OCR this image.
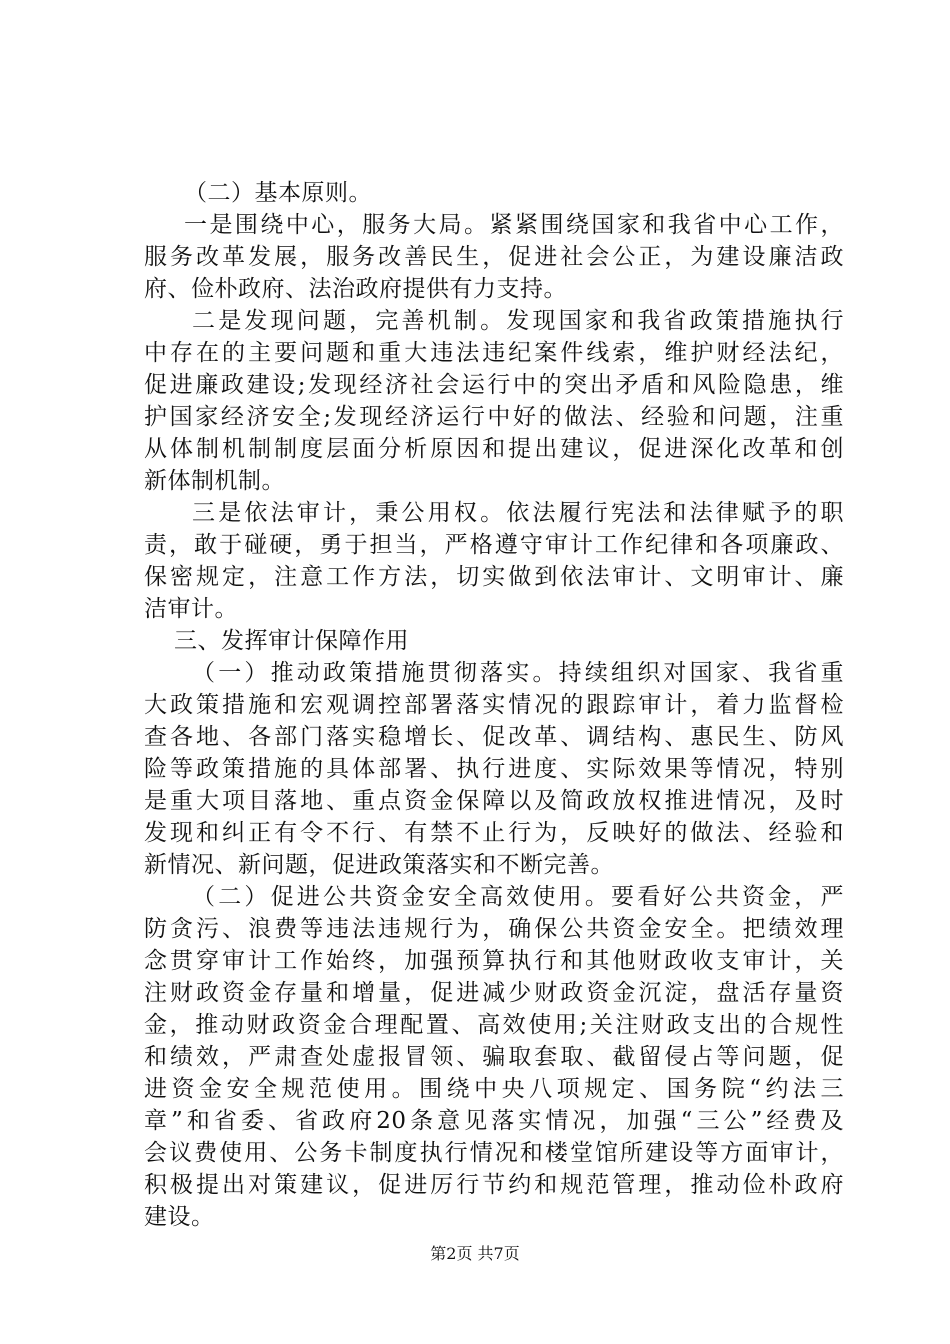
（二）基本原则。
一是围绕中心，服务大局。紧紧围绕国家和我省中心工作，
服务改革发展，服务改善民生，促进社会公正，为建设廉洁政
府、俭朴政府、法治政府提供有力支持。
二是发现问题，完善机制。发现国家和我省政策措施执行
中存在的主要问题和重大违法违纪案件线索，维护财经法纪，
促进廉政建设;发现经济社会运行中的突出矛盾和风险隐患，维
护国家经济安全;发现经济运行中好的做法、经验和问题，注重
从体制机制制度层面分析原因和提出建议，促进深化改革和创
新体制机制。
三是依法审计，秉公用权。依法履行宪法和法律赋予的职
责，敢于碰硬，勇于担当，严格遵守审计工作纪律和各项廉政、
保密规定，注意工作方法，切实做到依法审计、文明审计、廉
洁审计。
三、发挥审计保障作用
（一）推动政策措施贯彻落实。持续组织对国家、我省重
大政策措施和宏观调控部署落实情况的跟踪审计，着力监督检
查各地、各部门落实稳增长、促改革、调结构、惠民生、防风
险等政策措施的具体部署、执行进度、实际效果等情况，特别
是重大项目落地、重点资金保障以及简政放权推进情况，及时
发现和纠正有令不行、有禁不止行为，反映好的做法、经验和
新情况、新问题，促进政策落实和不断完善。
（二）促进公共资金安全高效使用。要看好公共资金，严
防贪污、浪费等违法违规行为，确保公共资金安全。把绩效理
念贯穿审计工作始终，加强预算执行和其他财政收支审计，关
注财政资金存量和增量，促进减少财政资金沉淀，盘活存量资
金，推动财政资金合理配置、高效使用;关注财政支出的合规性
和绩效，严肃查处虚报冒领、骗取套取、截留侵占等问题，促
进资金安全规范使用。围绕中央八项规定、国务院“约法三
章”和省委、省政府20条意见落实情况，加强“三公”经费及
会议费使用、公务卡制度执行情况和楼堂馆所建设等方面审计，
积极提出对策建议，促进厉行节约和规范管理，推动俭朴政府
建设。
第2页 共7页
